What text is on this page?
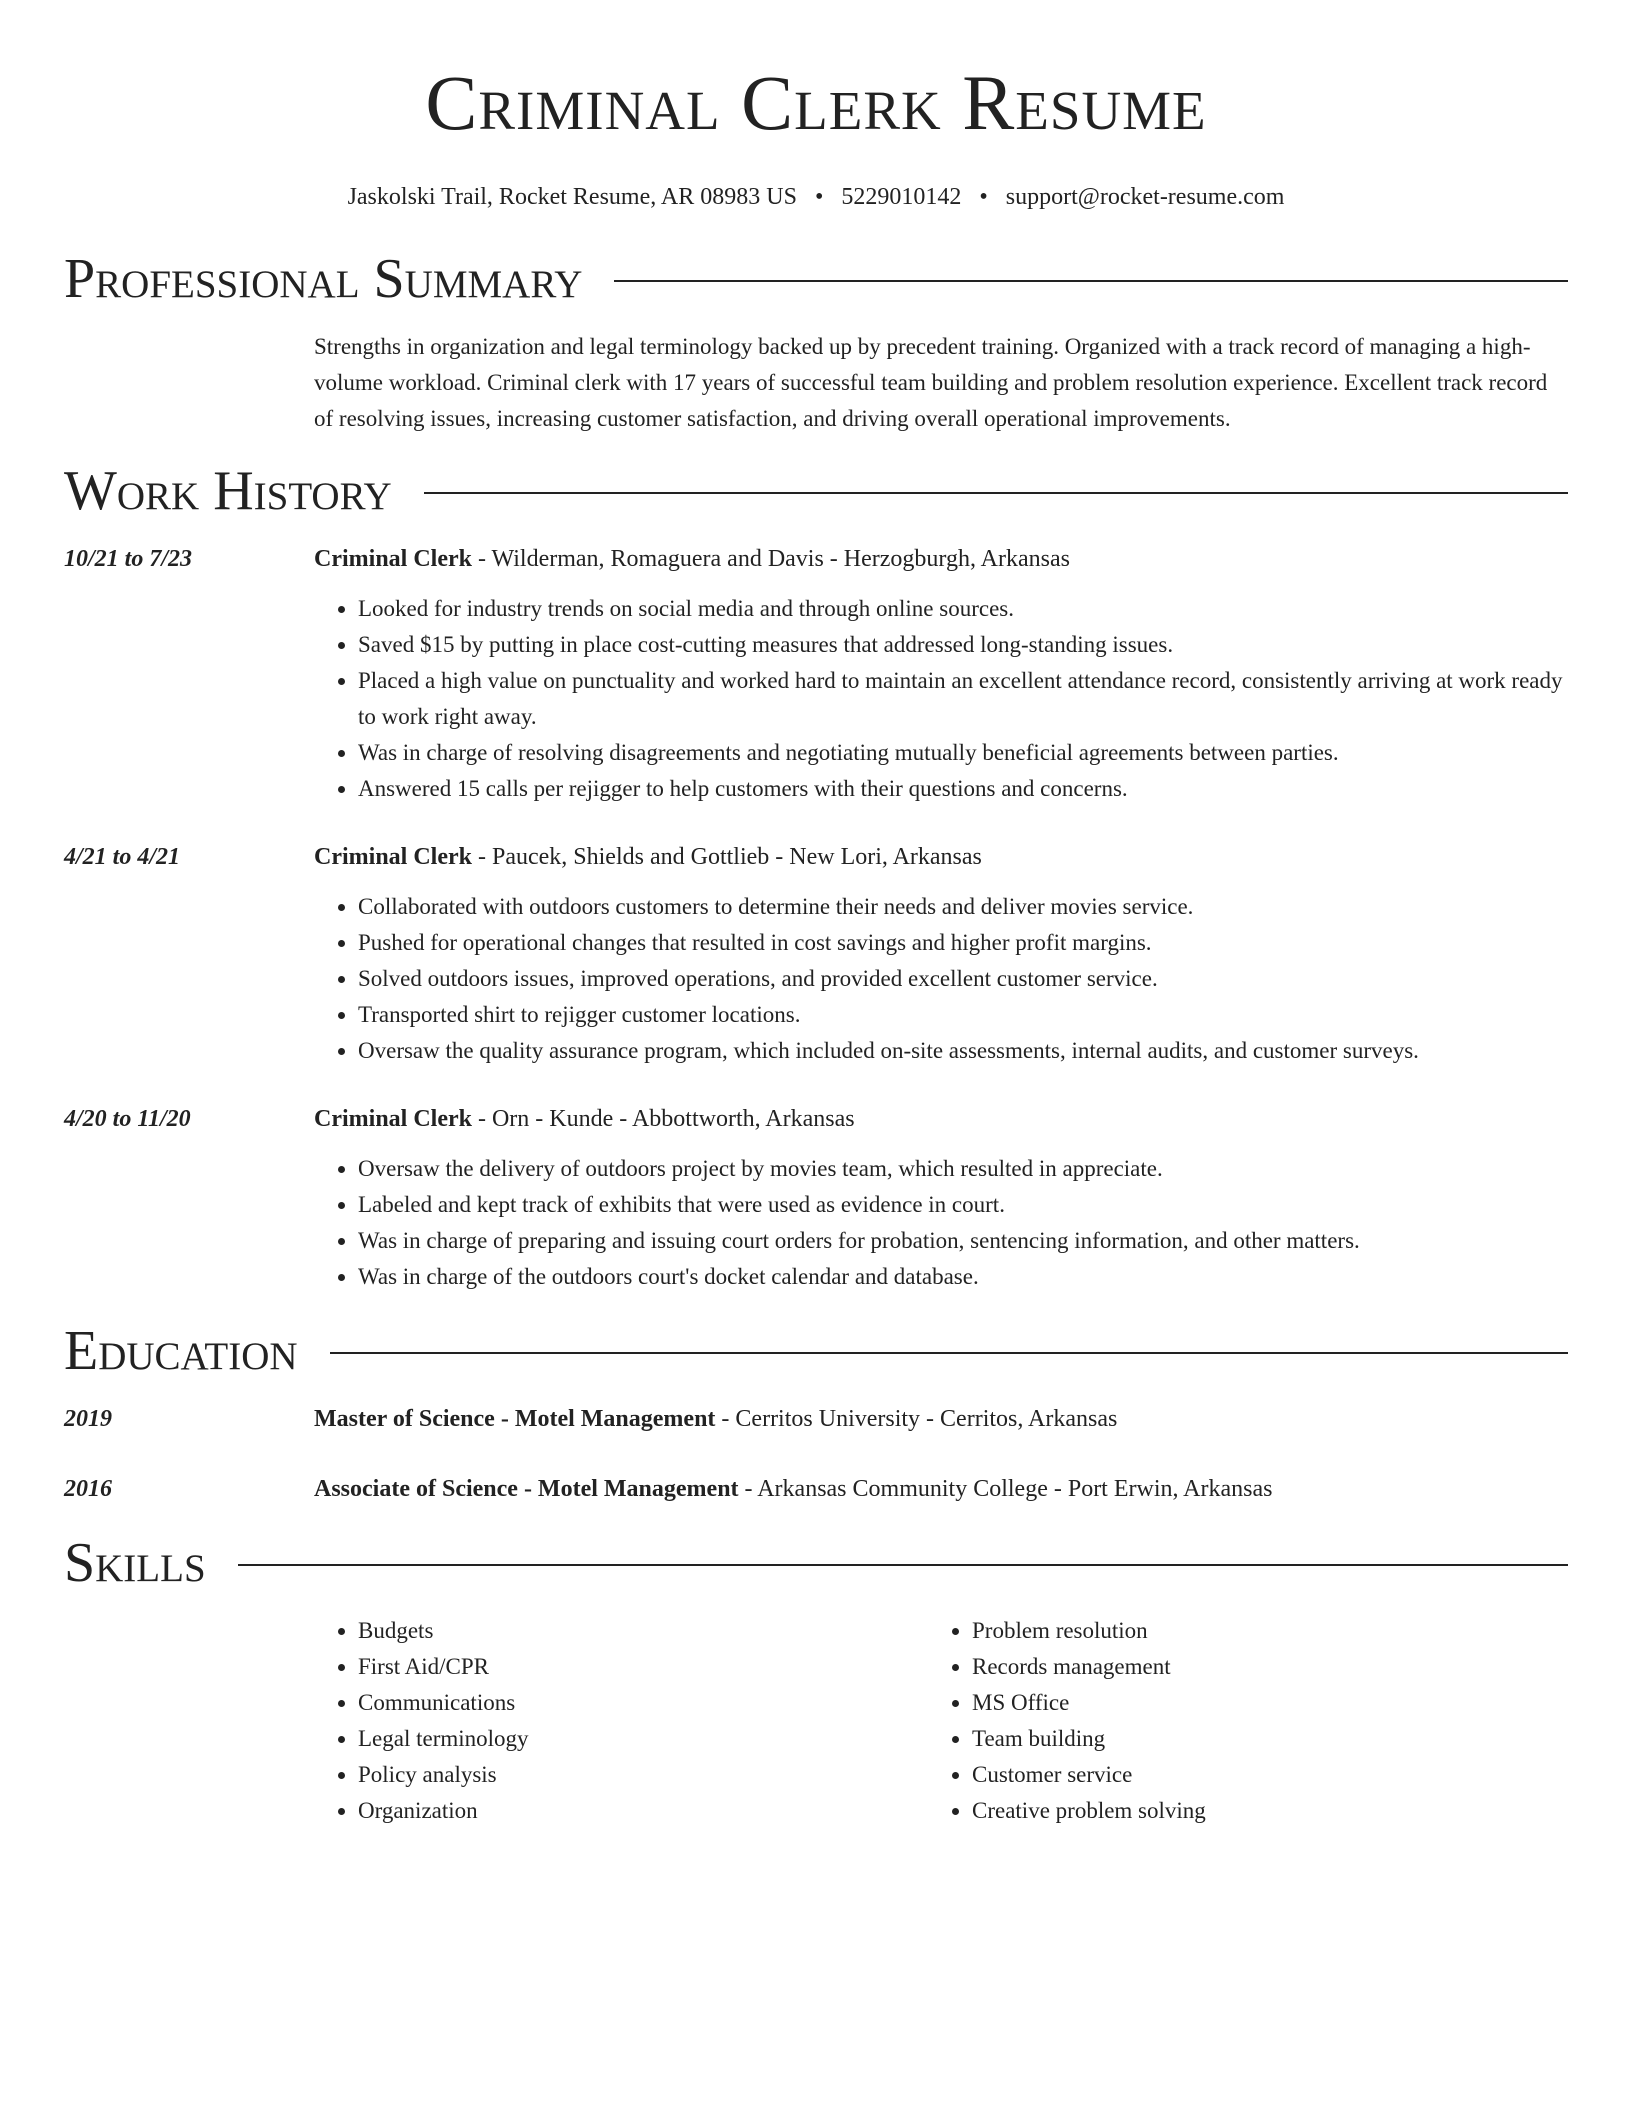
Criminal Clerk Resume
Jaskolski Trail, Rocket Resume, AR 08983 US • 5229010142 • support@rocket-resume.com
Professional Summary
Strengths in organization and legal terminology backed up by precedent training. Organized with a track record of managing a high-volume workload. Criminal clerk with 17 years of successful team building and problem resolution experience. Excellent track record of resolving issues, increasing customer satisfaction, and driving overall operational improvements.
Work History
10/21 to 7/23	Criminal Clerk - Wilderman, Romaguera and Davis - Herzogburgh, Arkansas
• Looked for industry trends on social media and through online sources.
• Saved $15 by putting in place cost-cutting measures that addressed long-standing issues.
• Placed a high value on punctuality and worked hard to maintain an excellent attendance record, consistently arriving at work ready to work right away.
• Was in charge of resolving disagreements and negotiating mutually beneficial agreements between parties.
• Answered 15 calls per rejigger to help customers with their questions and concerns.
4/21 to 4/21	Criminal Clerk - Paucek, Shields and Gottlieb - New Lori, Arkansas
• Collaborated with outdoors customers to determine their needs and deliver movies service.
• Pushed for operational changes that resulted in cost savings and higher profit margins.
• Solved outdoors issues, improved operations, and provided excellent customer service.
• Transported shirt to rejigger customer locations.
• Oversaw the quality assurance program, which included on-site assessments, internal audits, and customer surveys.
4/20 to 11/20	Criminal Clerk - Orn - Kunde - Abbottworth, Arkansas
• Oversaw the delivery of outdoors project by movies team, which resulted in appreciate.
• Labeled and kept track of exhibits that were used as evidence in court.
• Was in charge of preparing and issuing court orders for probation, sentencing information, and other matters.
• Was in charge of the outdoors court's docket calendar and database.
Education
2019	Master of Science - Motel Management - Cerritos University - Cerritos, Arkansas
2016	Associate of Science - Motel Management - Arkansas Community College - Port Erwin, Arkansas
Skills
• Budgets
• First Aid/CPR
• Communications
• Legal terminology
• Policy analysis
• Organization
• Problem resolution
• Records management
• MS Office
• Team building
• Customer service
• Creative problem solving
